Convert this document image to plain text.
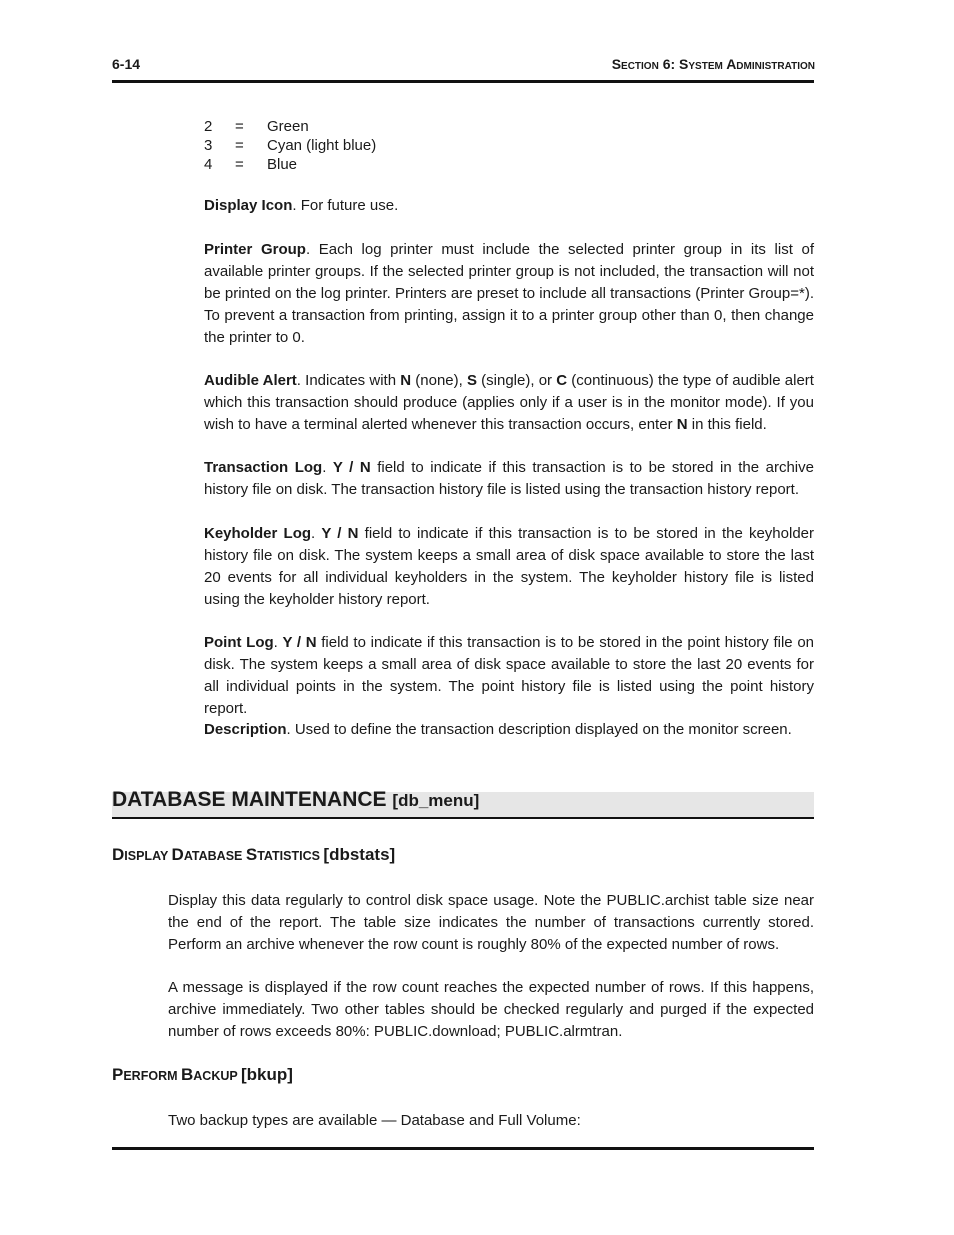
6-14	Section 6: System Administration
2	=	Green
3	=	Cyan (light blue)
4	=	Blue
Display Icon. For future use.
Printer Group. Each log printer must include the selected printer group in its list of available printer groups. If the selected printer group is not included, the transaction will not be printed on the log printer. Printers are preset to include all transactions (Printer Group=*). To prevent a transaction from printing, assign it to a printer group other than 0, then change the printer to 0.
Audible Alert. Indicates with N (none), S (single), or C (continuous) the type of audible alert which this transaction should produce (applies only if a user is in the monitor mode). If you wish to have a terminal alerted whenever this transaction occurs, enter N in this field.
Transaction Log. Y / N field to indicate if this transaction is to be stored in the archive history file on disk. The transaction history file is listed using the transaction history report.
Keyholder Log. Y / N field to indicate if this transaction is to be stored in the keyholder history file on disk. The system keeps a small area of disk space available to store the last 20 events for all individual keyholders in the system. The keyholder history file is listed using the keyholder history report.
Point Log. Y / N field to indicate if this transaction is to be stored in the point history file on disk. The system keeps a small area of disk space available to store the last 20 events for all individual points in the system. The point history file is listed using the point history report.
Description. Used to define the transaction description displayed on the monitor screen.
DATABASE MAINTENANCE [db_menu]
DISPLAY DATABASE STATISTICS [dbstats]
Display this data regularly to control disk space usage. Note the PUBLIC.archist table size near the end of the report. The table size indicates the number of transactions currently stored. Perform an archive whenever the row count is roughly 80% of the expected number of rows.
A message is displayed if the row count reaches the expected number of rows. If this happens, archive immediately. Two other tables should be checked regularly and purged if the expected number of rows exceeds 80%: PUBLIC.download; PUBLIC.alrmtran.
PERFORM BACKUP [bkup]
Two backup types are available — Database and Full Volume:
